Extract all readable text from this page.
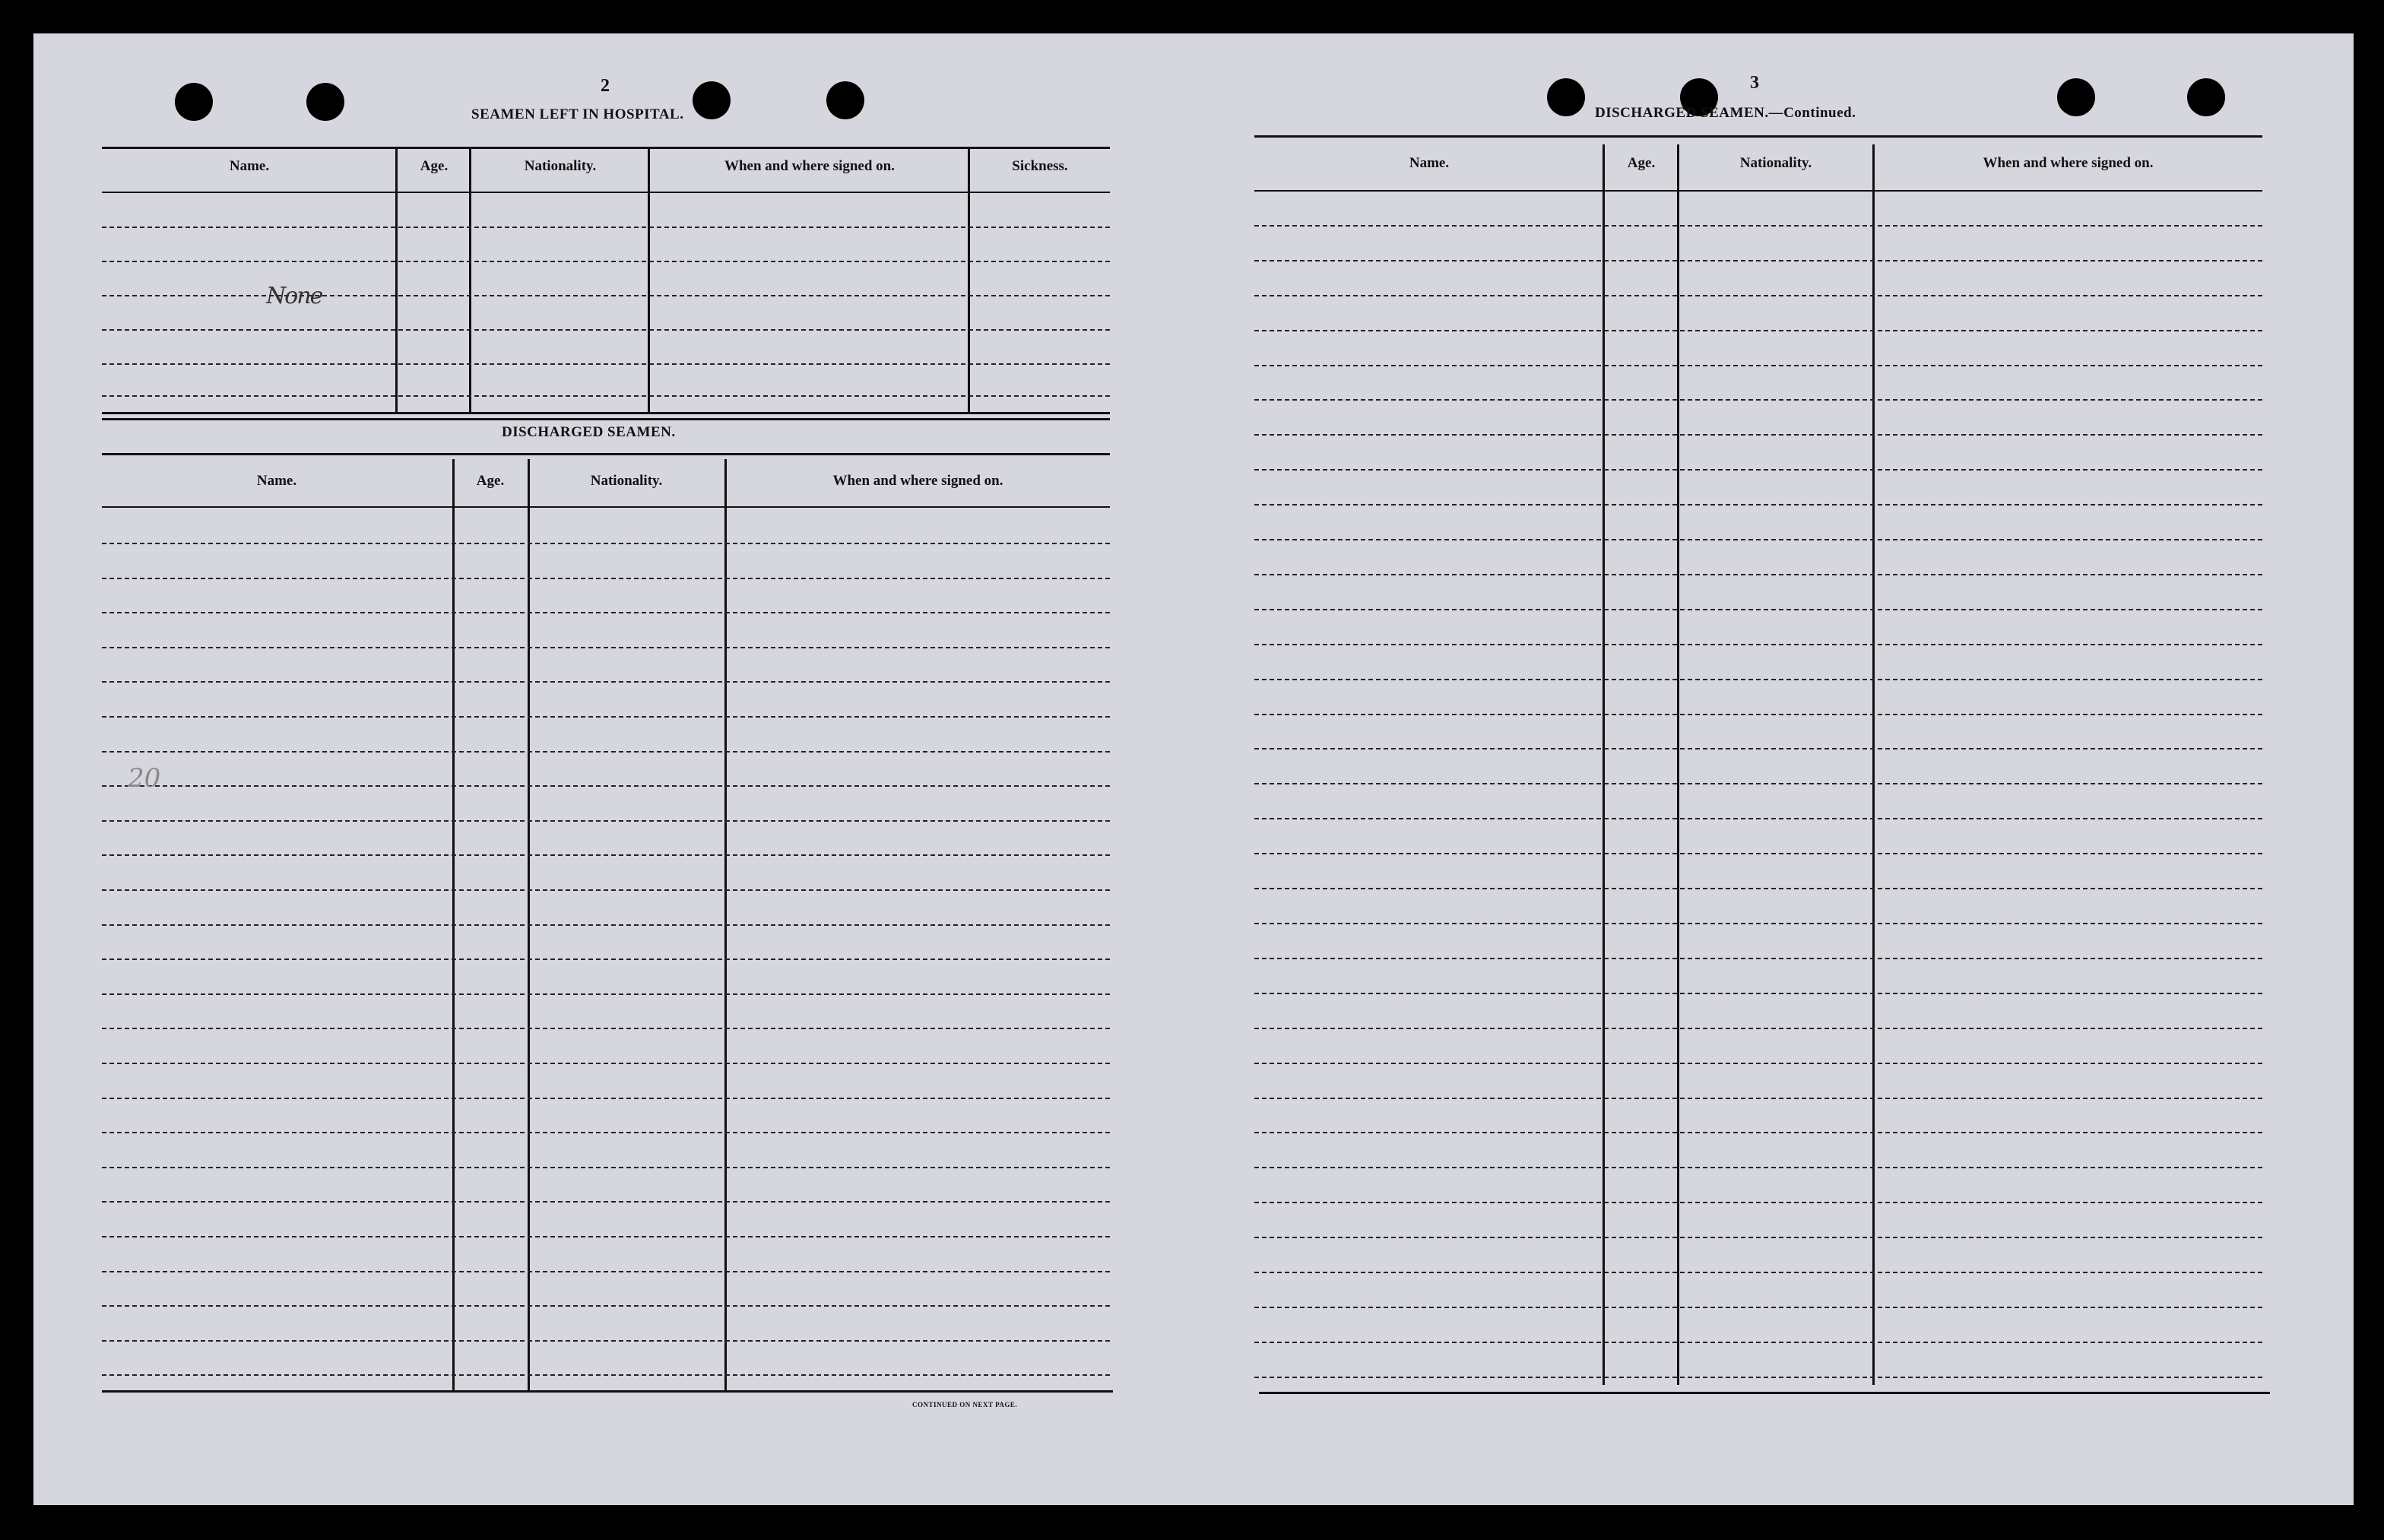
2
SEAMEN LEFT IN HOSPITAL.
Name.	Age.	Nationality.	When and where signed on.	Sickness.
None
DISCHARGED SEAMEN.
Name.	Age.	Nationality.	When and where signed on.
20
CONTINUED ON NEXT PAGE.
3
DISCHARGED SEAMEN.—Continued.
Name.	Age.	Nationality.	When and where signed on.
